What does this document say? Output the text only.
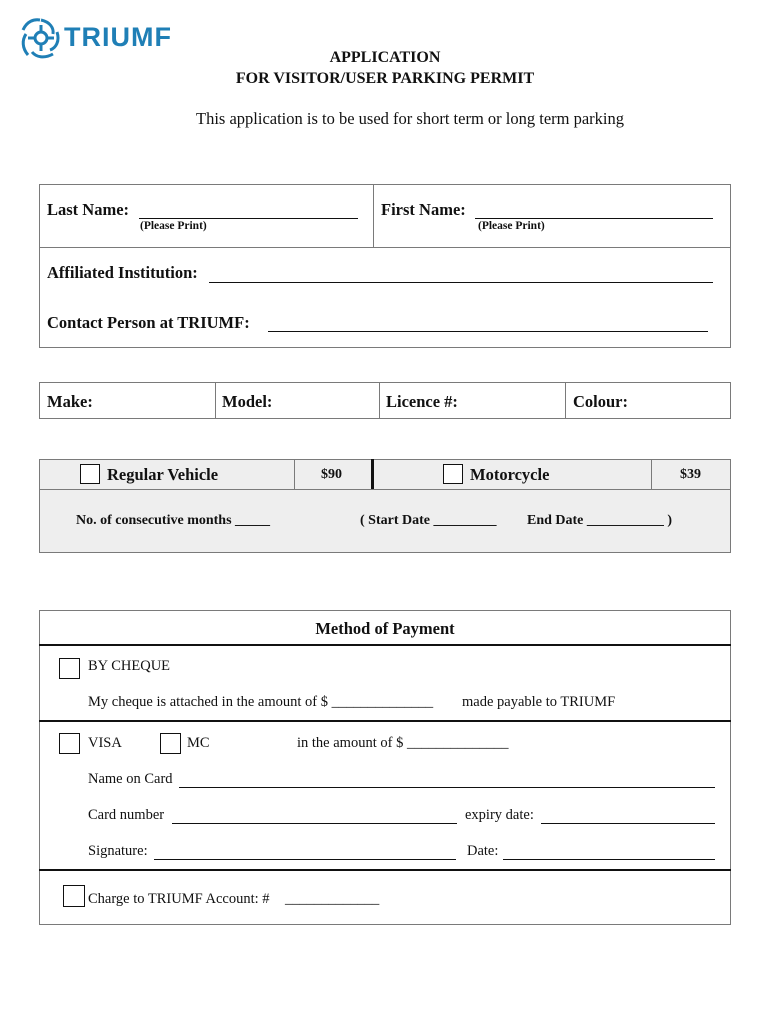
TRIUMF
APPLICATION
FOR VISITOR/USER PARKING PERMIT
This application is to be used for short term or long term parking
Last Name:
(Please Print)
First Name:
(Please Print)
Affiliated Institution:
Contact Person at TRIUMF:
Make:	Model:	Licence #:	Colour:
Regular Vehicle	$90	Motorcycle	$39
No. of consecutive months _____	( Start Date _________ End Date ___________ )
Method of Payment
BY CHEQUE
My cheque is attached in the amount of $ ______________ made payable to TRIUMF
VISA	MC	in the amount of $ ______________
Name on Card
Card number	expiry date:
Signature:	Date:
Charge to TRIUMF Account: # _____________
